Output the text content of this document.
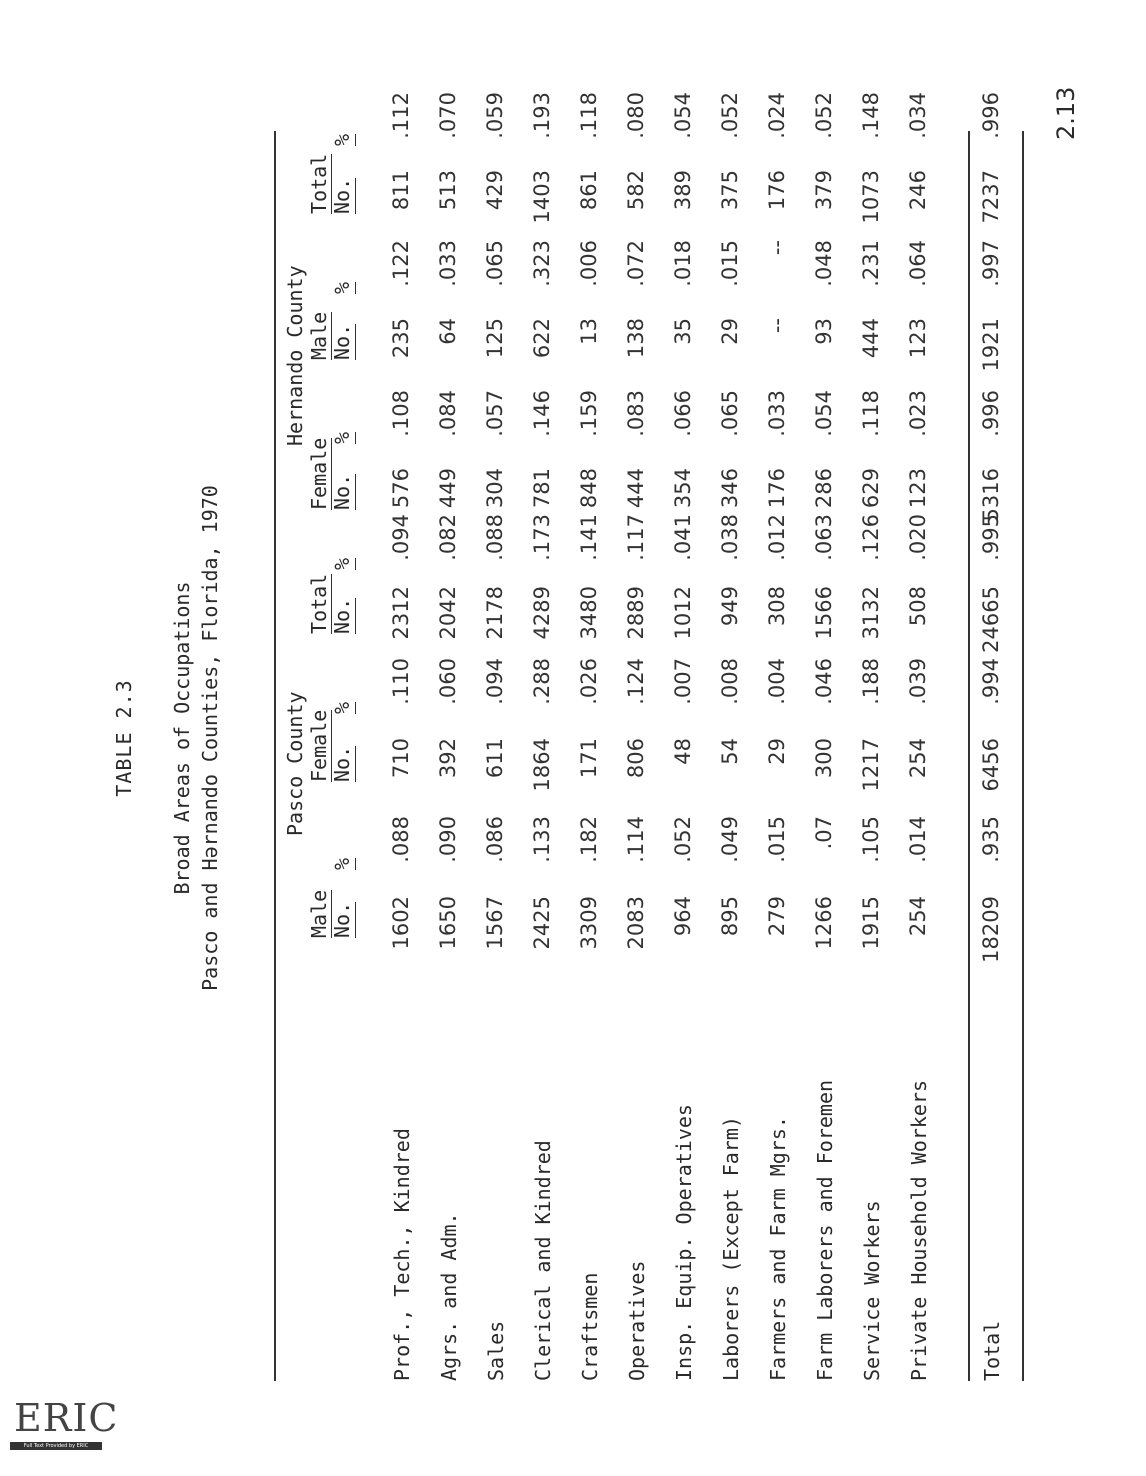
TABLE 2.3 Broad Areas of Occupations Pasco and Hərnando Counties, Florida, 1970	Pasco County
Hernando County
Male
Female
Total
Female
Male
Total
No.
%
No.
%
No.
%
No.
%
No.
%
No.
%
Prof., Tech., Kindred
1602
.088
710
.110
2312
.094
576
.108
235
.122
811
.112
Agrs. and Adm.
1650
.090
392
.060
2042
.082
449
.084
64
.033
513
.070
Sales
1567
.086
611
.094
2178
.088
304
.057
125
.065
429
.059
Clerical and Kindred
2425
.133
1864
.288
4289
.173
781
.146
622
.323
1403
.193
Craftsmen
3309
.182
171
.026
3480
.141
848
.159
13
.006
861
.118
Operatives
2083
.114
806
.124
2889
.117
444
.083
138
.072
582
.080
Insp. Equip. Operatives
964
.052
48
.007
1012
.041
354
.066
35
.018
389
.054
Laborers (Except Farm)
895
.049
54
.008
949
.038
346
.065
29
.015
375
.052
Farmers and Farm Mgrs.
279
.015
29
.004
308
.012
176
.033
--
--
176
.024
Farm Laborers and Foremen
1266
.07
300
.046
1566
.063
286
.054
93
.048
379
.052
Service Workers
1915
.105
1217
.188
3132
.126
629
.118
444
.231
1073
.148
Private Household Workers
254
.014
254
.039
508
.020
123
.023
123
.064
246
.034
Total
18209
.935
6456
.994
24665
.995
5316
.996
1921
.997
7237
.996 2.13
ERIC
Full Text Provided by ERIC
